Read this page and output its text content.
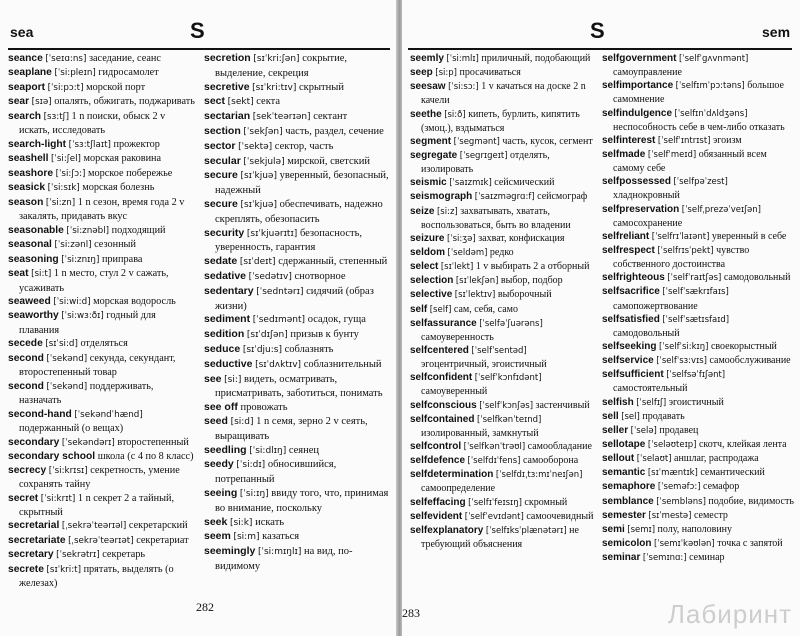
sea	S
seance [ˈseɪɑ:ns] заседание, сеанс
seaplane [ˈsi:pleɪn] гидросамолет
seaport [ˈsi:pɔ:t] морской порт
sear [sɪə] опалять, обжигать, поджаривать
search [sɜ:tʃ] 1 n поиски, обыск 2 v искать, исследовать
search-light [ˈsɜ:tʃlaɪt] прожектор
seashell [ˈsi:ʃel] морская раковина
seashore [ˈsi:ʃɔ:] морское побережье
seasick [ˈsi:sɪk] морская болезнь
season [ˈsi:zn] 1 n сезон, время года 2 v закалять, придавать вкус
seasonable [ˈsi:znəbl] подходящий
seasonal [ˈsi:zənl] сезонный
seasoning [ˈsi:znɪŋ] приправа
seat [si:t] 1 n место, стул 2 v сажать, усаживать
seaweed [ˈsi:wi:d] морская водоросль
seaworthy [ˈsi:wɜ:ðɪ] годный для плавания
secede [sɪˈsi:d] отделяться
second [ˈsekənd] секунда, секундант, второстепенный товар
second [ˈsekənd] поддерживать, назначать
second-hand [ˈsekəndˈhænd] подержанный (о вещах)
secondary [ˈsekəndərɪ] второстепенный
secondary school школа (с 4 по 8 класс)
secrecy [ˈsi:krɪsɪ] секретность, умение сохранять тайну
secret [ˈsi:krɪt] 1 n секрет 2 a тайный, скрытный
secretarial [ˌsekrəˈteərɪəl] секретарский
secretariate [ˌsekrəˈteərɪət] секретариат
secretary [ˈsekrətrɪ] секретарь
secrete [sɪˈkri:t] прятать, выделять (о железах)
secretion [sɪˈkri:ʃən] сокрытие, выделение, секреция
secretive [sɪˈkri:tɪv] скрытный
sect [sekt] секта
sectarian [sekˈteərɪən] сектант
section [ˈsekʃən] часть, раздел, сечение
sector [ˈsektə] сектор, часть
secular [ˈsekjulə] мирской, светский
secure [sɪˈkjuə] уверенный, безопасный, надежный
secure [sɪˈkjuə] обеспечивать, надежно скреплять, обезопасить
security [sɪˈkjuərɪtɪ] безопасность, уверенность, гарантия
sedate [sɪˈdeɪt] сдержанный, степенный
sedative [ˈsedətɪv] снотворное
sedentary [ˈsedntərɪ] сидячий (образ жизни)
sediment [ˈsedɪmənt] осадок, гуща
sedition [sɪˈdɪʃən] призыв к бунту
seduce [sɪˈdju:s] соблазнять
seductive [sɪˈdʌktɪv] соблазнительный
see [si:] видеть, осматривать, присматривать, заботиться, понимать
see off провожать
seed [si:d] 1 n семя, зерно 2 v сеять, выращивать
seedling [ˈsi:dlɪŋ] сеянец
seedy [ˈsi:dɪ] обносившийся, потрепанный
seeing [ˈsi:ɪŋ] ввиду того, что, принимая во внимание, поскольку
seek [si:k] искать
seem [si:m] казаться
seemingly [ˈsi:mɪŋlɪ] на вид, по-видимому
282
S	sem
seemly [ˈsi:mlɪ] приличный, подобающий
seep [si:p] просачиваться
seesaw [ˈsi:sɔ:] 1 v качаться на доске 2 n качели
seethe [si:ð] кипеть, бурлить, кипятить (змоц.), вздыматься
segment [ˈsegmənt] часть, кусок, сегмент
segregate [ˈsegrɪgeɪt] отделять, изолировать
seismic [ˈsaɪzmɪk] сейсмический
seismograph [ˈsaɪzməgrɑ:f] сейсмограф
seize [si:z] захватывать, хватать, воспользоваться, быть во владении
seizure [ˈsi:ʒə] захват, конфискация
seldom [ˈseldəm] редко
select [sɪˈlekt] 1 v выбирать 2 a отборный
selection [sɪˈlekʃən] выбор, подбор
selective [sɪˈlektɪv] выборочный
self [self] сам, себя, само
selfassurance [ˈselfəˈʃuərəns] самоуверенность
selfcentered [ˈselfˈsentəd] эгоцентричный, эгоистичный
selfconfident [ˈselfˈkɔnfɪdənt] самоуверенный
selfconscious [ˈselfˈkɔnʃəs] застенчивый
selfcontained [ˈselfkənˈteɪnd] изолированный, замкнутый
selfcontrol [ˈselfkənˈtrəʊl] самообладание
selfdefence [ˈselfdɪˈfens] самооборона
selfdetermination [ˈselfdɪˌtɜ:mɪˈneɪʃən] самоопределение
selfeffacing [ˈselfɪˈfeɪsɪŋ] скромный
selfevident [ˈselfˈevɪdənt] самоочевидный
selfexplanatory [ˈselfɪksˈplænətərɪ] не требующий объяснения
selfgovernment [ˈselfˈgʌvnmənt] самоуправление
selfimportance [ˈselfɪmˈpɔ:təns] большое самомнение
selfindulgence [ˈselfɪnˈdʌldʒəns] неспособность себе в чем-либо отказать
selfinterest [ˈselfˈɪntrɪst] эгоизм
selfmade [ˈselfˈmeɪd] обязанный всем самому себе
selfpossessed [ˈselfpəˈzest] хладнокровный
selfpreservation [ˈselfˌprezəˈveɪʃən] самосохранение
selfreliant [ˈselfrɪˈlaɪənt] уверенный в себе
selfrespect [ˈselfrɪsˈpekt] чувство собственного достоинства
selfrighteous [ˈselfˈraɪtʃəs] самодовольный
selfsacrifice [ˈselfˈsækrɪfaɪs] самопожертвование
selfsatisfied [ˈselfˈsætɪsfaɪd] самодовольный
selfseeking [ˈselfˈsi:kɪŋ] своекорыстный
selfservice [ˈselfˈsɜ:vɪs] самообслуживание
selfsufficient [ˈselfsəˈfɪʃənt] самостоятельный
selfish [ˈselfɪʃ] эгоистичный
sell [sel] продавать
seller [ˈselə] продавец
sellotape [ˈseləʊteɪp] скотч, клейкая лента
sellout [ˈselaʊt] аншлаг, распродажа
semantic [sɪˈmæntɪk] семантический
semaphore [ˈseməfɔ:] семафор
semblance [ˈsembləns] подобие, видимость
semester [sɪˈmestə] семестр
semi [semɪ] полу, наполовину
semicolon [ˈsemɪˈkəʊlən] точка с запятой
seminar [ˈsemɪnɑ:] семинар
283	Лабиринт
